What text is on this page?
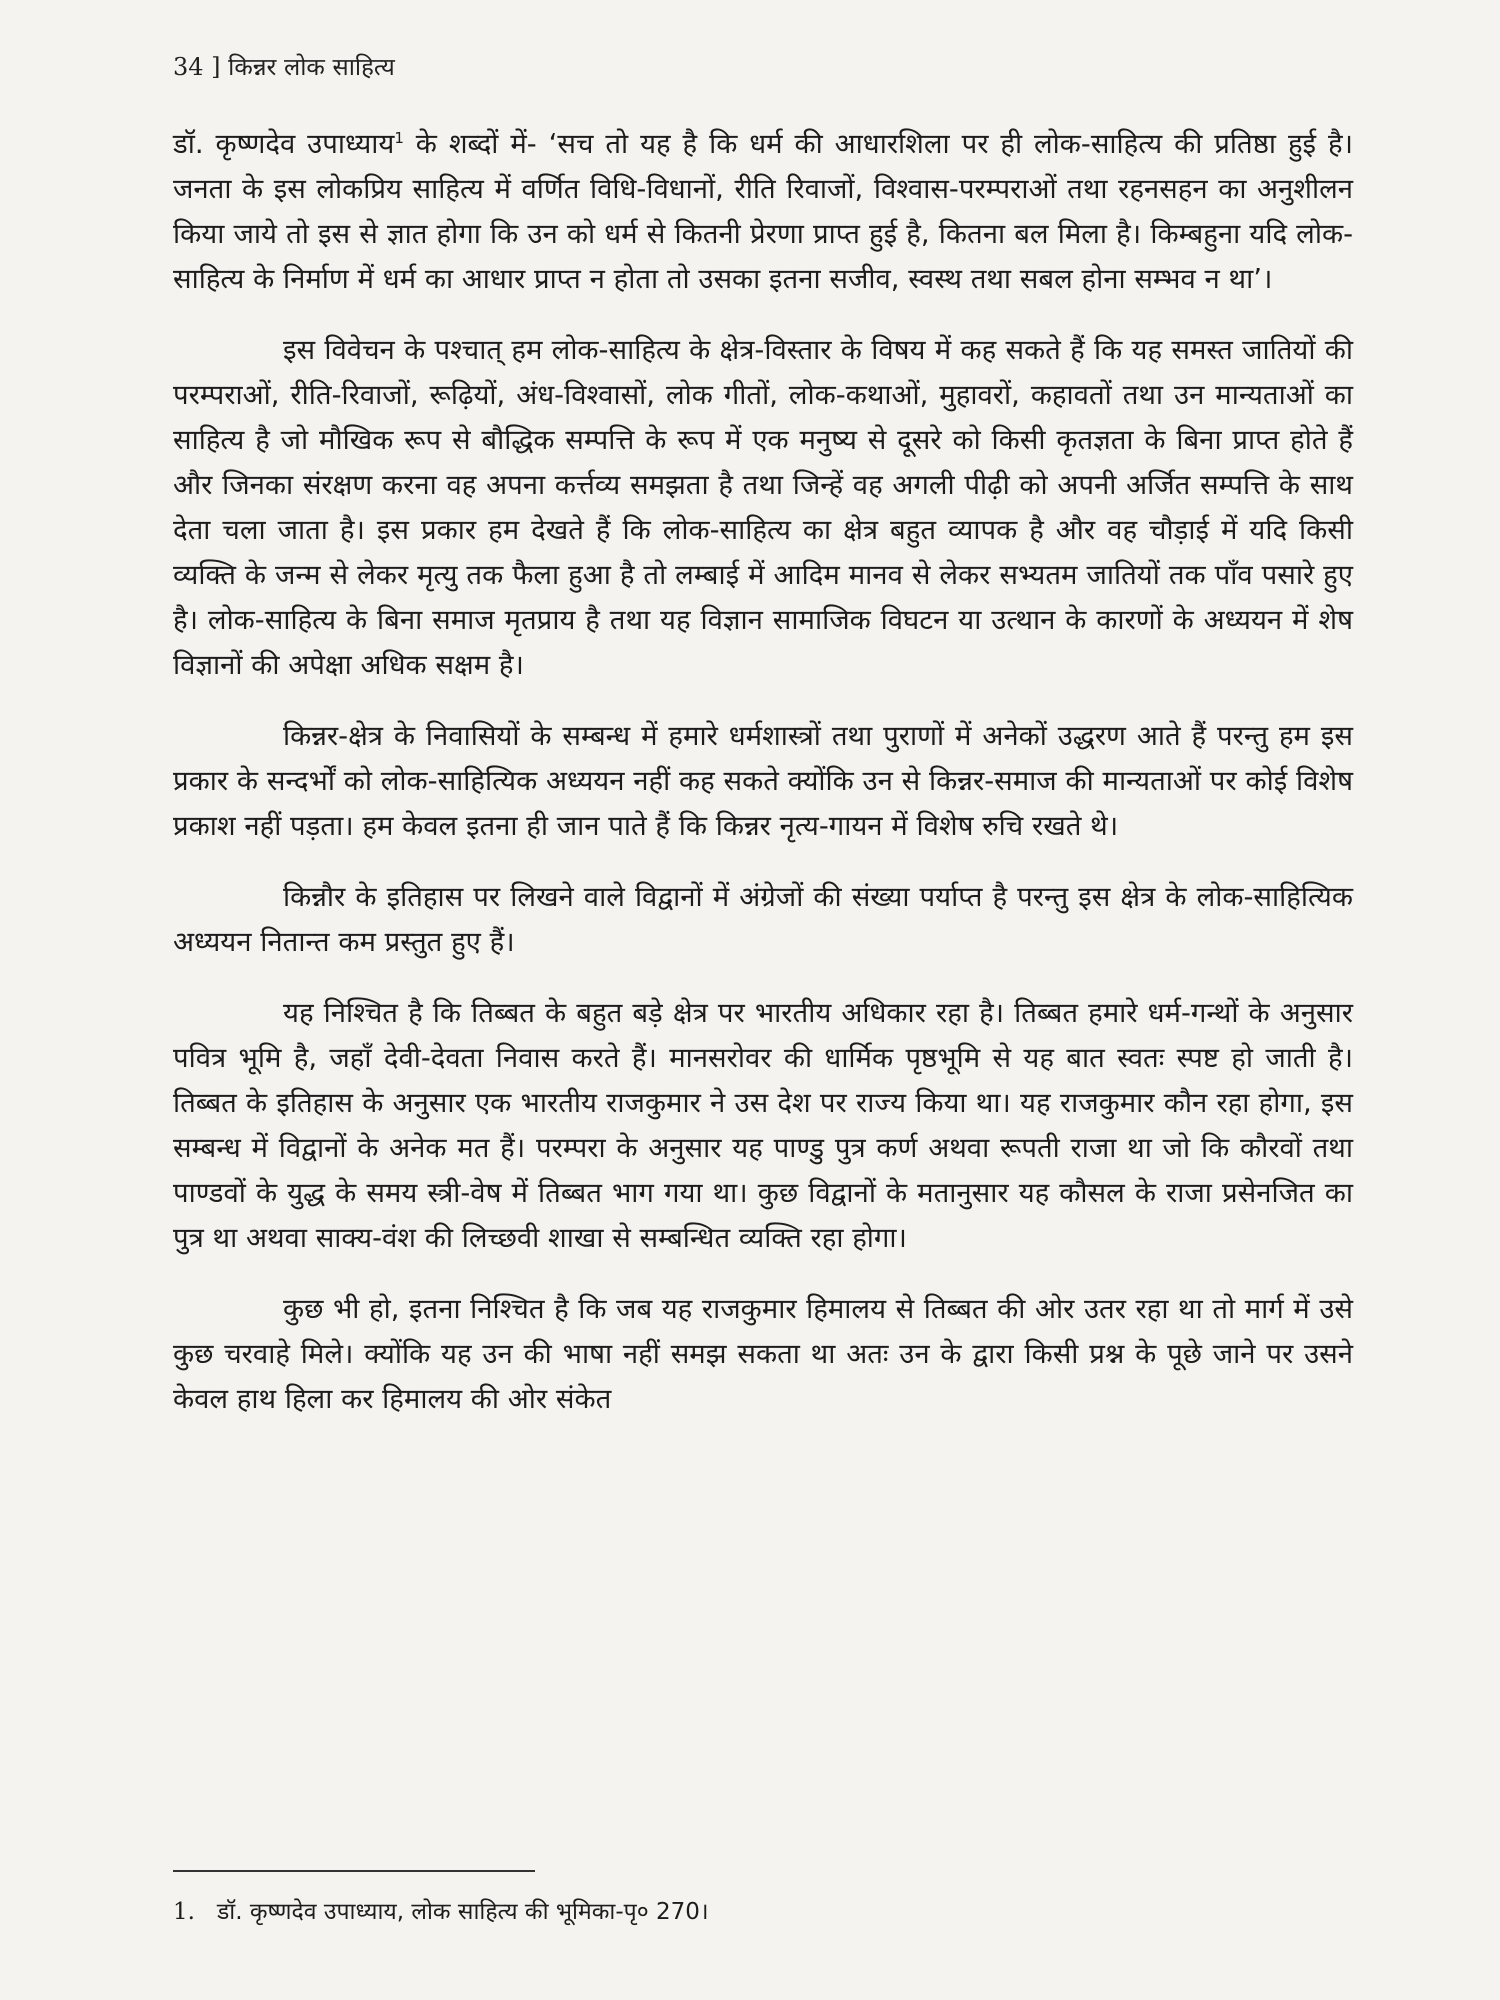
34 ] किन्नर लोक साहित्य

डॉ. कृष्णदेव उपाध्याय$^1$ के शब्दों में- ‘सच तो यह है कि धर्म की आधारशिला पर ही लोक-साहित्य की प्रतिष्ठा हुई है। जनता के इस लोकप्रिय साहित्य में वर्णित विधि-विधानों, रीति रिवाजों, विश्वास-परम्पराओं तथा रहनसहन का अनुशीलन किया जाये तो इस से ज्ञात होगा कि उन को धर्म से कितनी प्रेरणा प्राप्त हुई है, कितना बल मिला है। किम्बहुना यदि लोक-साहित्य के निर्माण में धर्म का आधार प्राप्त न होता तो उसका इतना सजीव, स्वस्थ तथा सबल होना सम्भव न था’।

इस विवेचन के पश्चात् हम लोक-साहित्य के क्षेत्र-विस्तार के विषय में कह सकते हैं कि यह समस्त जातियों की परम्पराओं, रीति-रिवाजों, रूढ़ियों, अंध-विश्वासों, लोक गीतों, लोक-कथाओं, मुहावरों, कहावतों तथा उन मान्यताओं का साहित्य है जो मौखिक रूप से बौद्धिक सम्पत्ति के रूप में एक मनुष्य से दूसरे को किसी कृतज्ञता के बिना प्राप्त होते हैं और जिनका संरक्षण करना वह अपना कर्त्तव्य समझता है तथा जिन्हें वह अगली पीढ़ी को अपनी अर्जित सम्पत्ति के साथ देता चला जाता है। इस प्रकार हम देखते हैं कि लोक-साहित्य का क्षेत्र बहुत व्यापक है और वह चौड़ाई में यदि किसी व्यक्ति के जन्म से लेकर मृत्यु तक फैला हुआ है तो लम्बाई में आदिम मानव से लेकर सभ्यतम जातियों तक पाँव पसारे हुए है। लोक-साहित्य के बिना समाज मृतप्राय है तथा यह विज्ञान सामाजिक विघटन या उत्थान के कारणों के अध्ययन में शेष विज्ञानों की अपेक्षा अधिक सक्षम है।

किन्नर-क्षेत्र के निवासियों के सम्बन्ध में हमारे धर्मशास्त्रों तथा पुराणों में अनेकों उद्धरण आते हैं परन्तु हम इस प्रकार के सन्दर्भों को लोक-साहित्यिक अध्ययन नहीं कह सकते क्योंकि उन से किन्नर-समाज की मान्यताओं पर कोई विशेष प्रकाश नहीं पड़ता। हम केवल इतना ही जान पाते हैं कि किन्नर नृत्य-गायन में विशेष रुचि रखते थे।

किन्नौर के इतिहास पर लिखने वाले विद्वानों में अंग्रेजों की संख्या पर्याप्त है परन्तु इस क्षेत्र के लोक-साहित्यिक अध्ययन नितान्त कम प्रस्तुत हुए हैं।

यह निश्चित है कि तिब्बत के बहुत बड़े क्षेत्र पर भारतीय अधिकार रहा है। तिब्बत हमारे धर्म-गन्थों के अनुसार पवित्र भूमि है, जहाँ देवी-देवता निवास करते हैं। मानसरोवर की धार्मिक पृष्ठभूमि से यह बात स्वतः स्पष्ट हो जाती है। तिब्बत के इतिहास के अनुसार एक भारतीय राजकुमार ने उस देश पर राज्य किया था। यह राजकुमार कौन रहा होगा, इस सम्बन्ध में विद्वानों के अनेक मत हैं। परम्परा के अनुसार यह पाण्डु पुत्र कर्ण अथवा रूपती राजा था जो कि कौरवों तथा पाण्डवों के युद्ध के समय स्त्री-वेष में तिब्बत भाग गया था। कुछ विद्वानों के मतानुसार यह कौसल के राजा प्रसेनजित का पुत्र था अथवा साक्य-वंश की लिच्छवी शाखा से सम्बन्धित व्यक्ति रहा होगा।

कुछ भी हो, इतना निश्चित है कि जब यह राजकुमार हिमालय से तिब्बत की ओर उतर रहा था तो मार्ग में उसे कुछ चरवाहे मिले। क्योंकि यह उन की भाषा नहीं समझ सकता था अतः उन के द्वारा किसी प्रश्न के पूछे जाने पर उसने केवल हाथ हिला कर हिमालय की ओर संकेत

1. डॉ. कृष्णदेव उपाध्याय, लोक साहित्य की भूमिका-पृ० 270।
